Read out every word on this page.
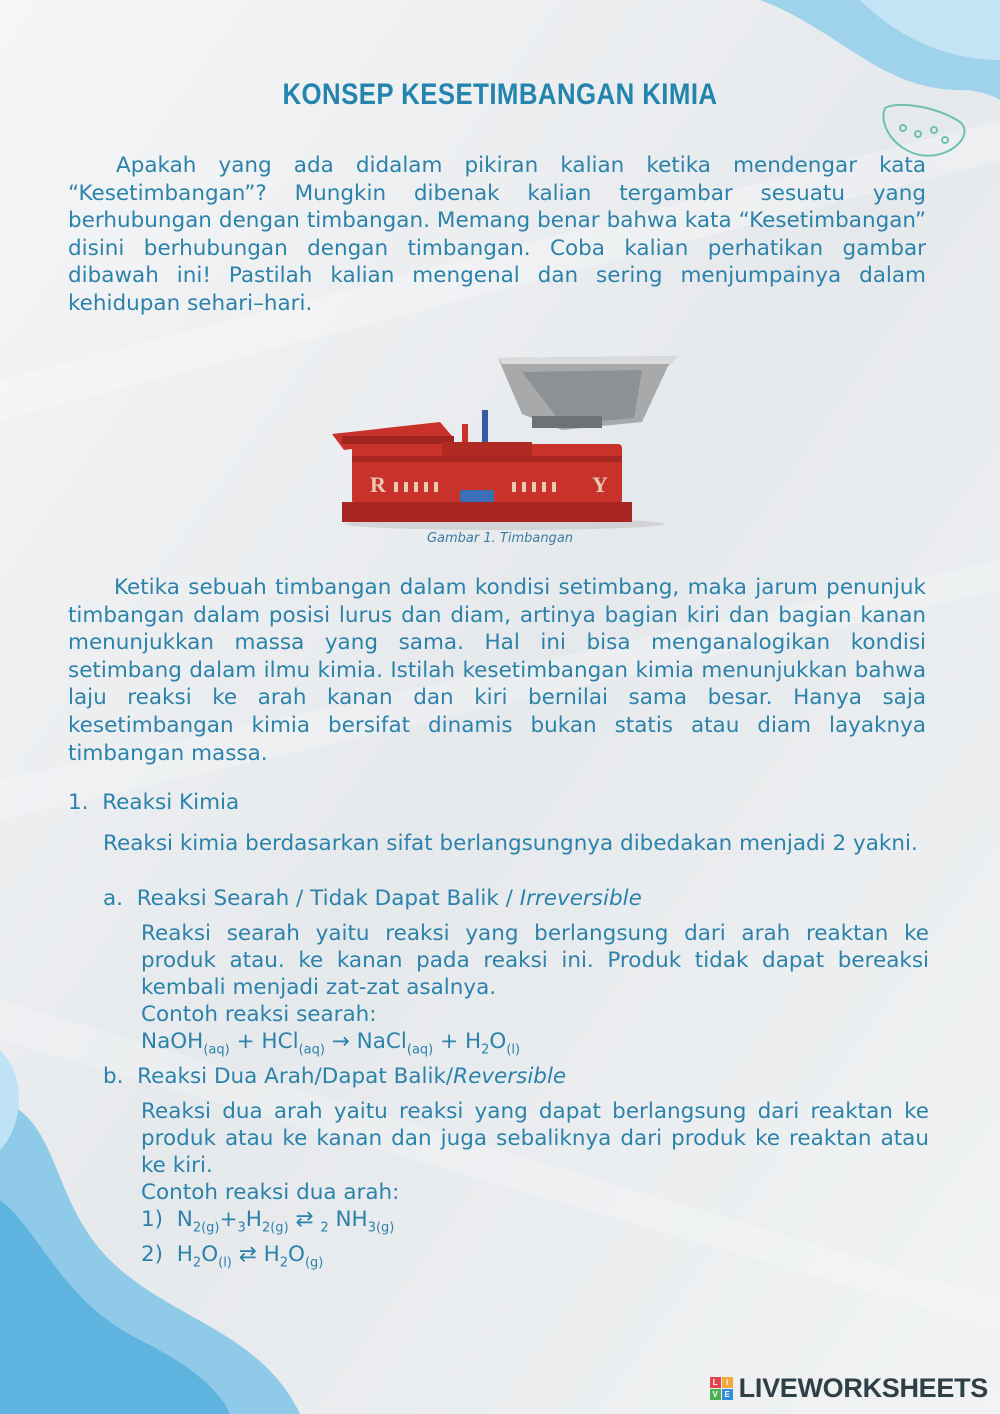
KONSEP KESETIMBANGAN KIMIA

Apakah yang ada didalam pikiran kalian ketika mendengar kata “Kesetimbangan”? Mungkin dibenak kalian tergambar sesuatu yang berhubungan dengan timbangan. Memang benar bahwa kata “Kesetimbangan” disini berhubungan dengan timbangan. Coba kalian perhatikan gambar dibawah ini! Pastilah kalian mengenal dan sering menjumpainya dalam kehidupan sehari–hari.

R	Y
Gambar 1. Timbangan

Ketika sebuah timbangan dalam kondisi setimbang, maka jarum penunjuk timbangan dalam posisi lurus dan diam, artinya bagian kiri dan bagian kanan menunjukkan massa yang sama. Hal ini bisa menganalogikan kondisi setimbang dalam ilmu kimia. Istilah kesetimbangan kimia menunjukkan bahwa laju reaksi ke arah kanan dan kiri bernilai sama besar. Hanya saja kesetimbangan kimia bersifat dinamis bukan statis atau diam layaknya timbangan massa.

1. Reaksi Kimia
Reaksi kimia berdasarkan sifat berlangsungnya dibedakan menjadi 2 yakni.
a. Reaksi Searah / Tidak Dapat Balik / Irreversible
Reaksi searah yaitu reaksi yang berlangsung dari arah reaktan ke produk atau. ke kanan pada reaksi ini. Produk tidak dapat bereaksi kembali menjadi zat-zat asalnya.
Contoh reaksi searah:
NaOH$_{(aq)}$ + HCl$_{(aq)}$ → NaCl$_{(aq)}$ + $H_2O_{(l)}$
b. Reaksi Dua Arah/Dapat Balik/Reversible
Reaksi dua arah yaitu reaksi yang dapat berlangsung dari reaktan ke produk atau ke kanan dan juga sebaliknya dari produk ke reaktan atau ke kiri.
Contoh reaksi dua arah:
1)  $N_{2(g)}+_3H_{2(g)}$ ⇄ $_2$ $NH_{3(g)}$
2)  $H_2O_{(l)}$ ⇄ $H_2O_{(g)}$
L	I
V E LIVEWORKSHEETS
